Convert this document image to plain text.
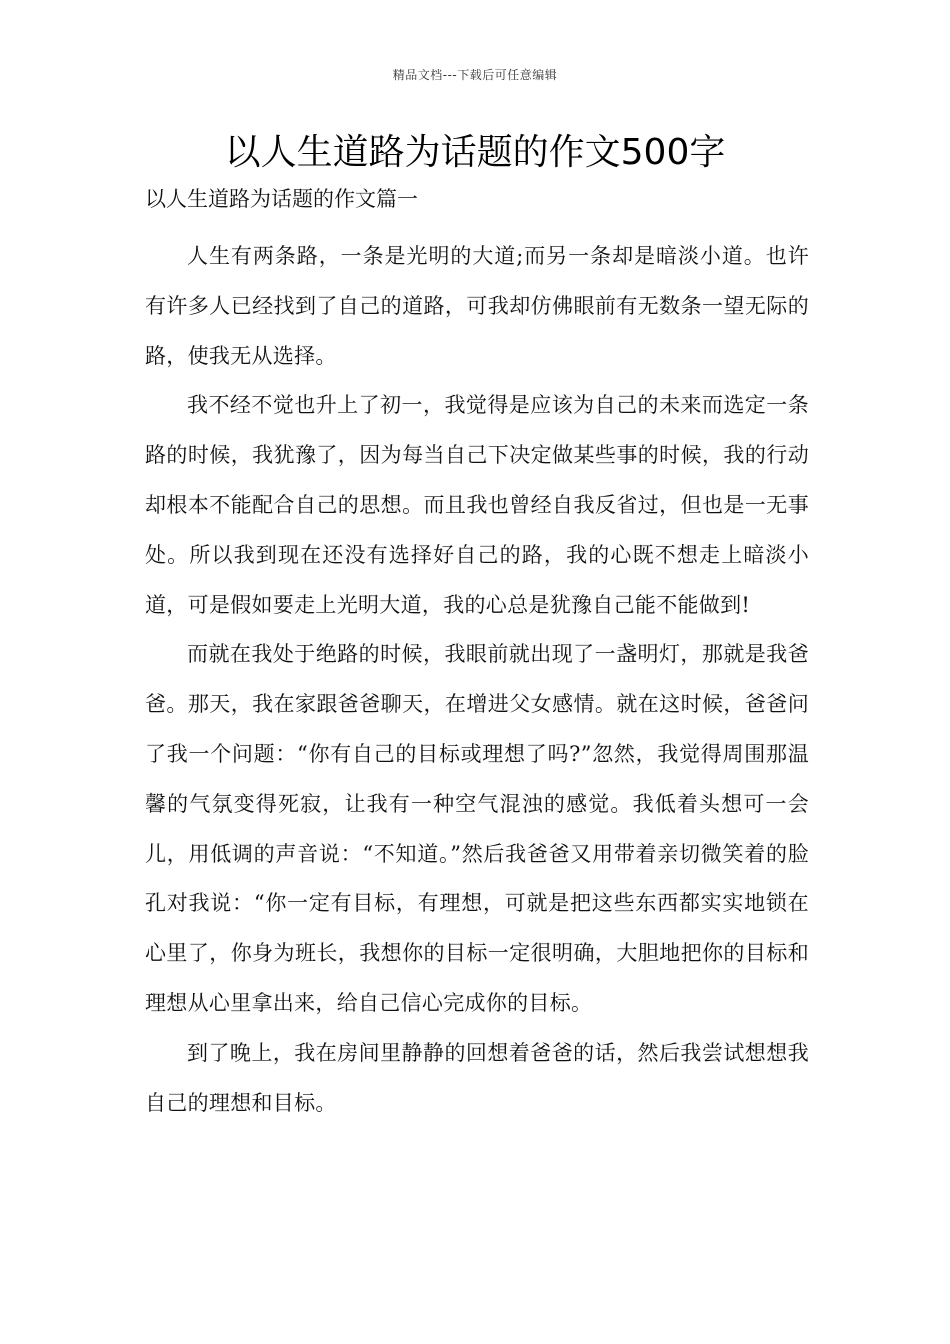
精品文档---下载后可任意编辑
以人生道路为话题的作文500字
以人生道路为话题的作文篇一

人生有两条路，一条是光明的大道;而另一条却是暗淡小道。也许有许多人已经找到了自己的道路，可我却仿佛眼前有无数条一望无际的路，使我无从选择。

我不经不觉也升上了初一，我觉得是应该为自己的未来而选定一条路的时候，我犹豫了，因为每当自己下决定做某些事的时候，我的行动却根本不能配合自己的思想。而且我也曾经自我反省过，但也是一无事处。所以我到现在还没有选择好自己的路，我的心既不想走上暗淡小道，可是假如要走上光明大道，我的心总是犹豫自己能不能做到!

而就在我处于绝路的时候，我眼前就出现了一盏明灯，那就是我爸爸。那天，我在家跟爸爸聊天，在增进父女感情。就在这时候，爸爸问了我一个问题：“你有自己的目标或理想了吗?”忽然，我觉得周围那温馨的气氛变得死寂，让我有一种空气混浊的感觉。我低着头想可一会儿，用低调的声音说：“不知道。”然后我爸爸又用带着亲切微笑着的脸孔对我说：“你一定有目标，有理想，可就是把这些东西都实实地锁在心里了，你身为班长，我想你的目标一定很明确，大胆地把你的目标和理想从心里拿出来，给自己信心完成你的目标。

到了晚上，我在房间里静静的回想着爸爸的话，然后我尝试想想我自己的理想和目标。
